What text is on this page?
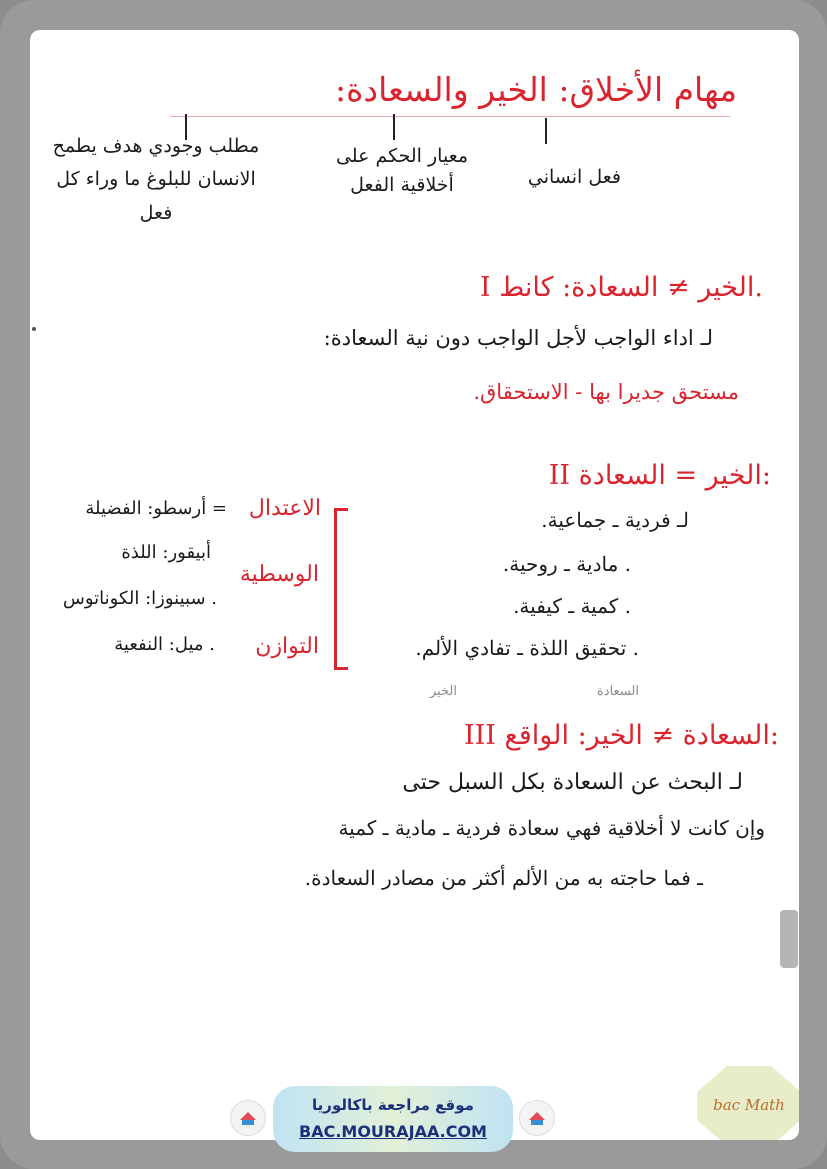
مهام الأخلاق: الخير والسعادة:
فعل انساني
معيار الحكم على أخلاقية الفعل
مطلب وجودي هدف يطمح الانسان للبلوغ ما وراء كل فعل
I الخير ≠ السعادة: كانط.
لـ اداء الواجب لأجل الواجب دون نية السعادة:
مستحق جديرا بها - الاستحقاق.
II الخير = السعادة:
لـ فردية ـ جماعية.
. مادية ـ روحية.
. كمية ـ كيفية.
. تحقيق اللذة ـ تفادي الألم.
الاعتدال
الوسطية
التوازن
= أرسطو: الفضيلة
أبيقور: اللذة
. سبينوزا: الكوناتوس
. ميل: النفعية
السعادة
الخير
III السعادة ≠ الخير: الواقع:
لـ البحث عن السعادة بكل السبل حتى
وإن كانت لا أخلاقية فهي سعادة فردية ـ مادية ـ كمية
ـ فما حاجته به من الألم أكثر من مصادر السعادة.
bac Math
موقع مراجعة باكالوريا
BAC.MOURAJAA.COM
